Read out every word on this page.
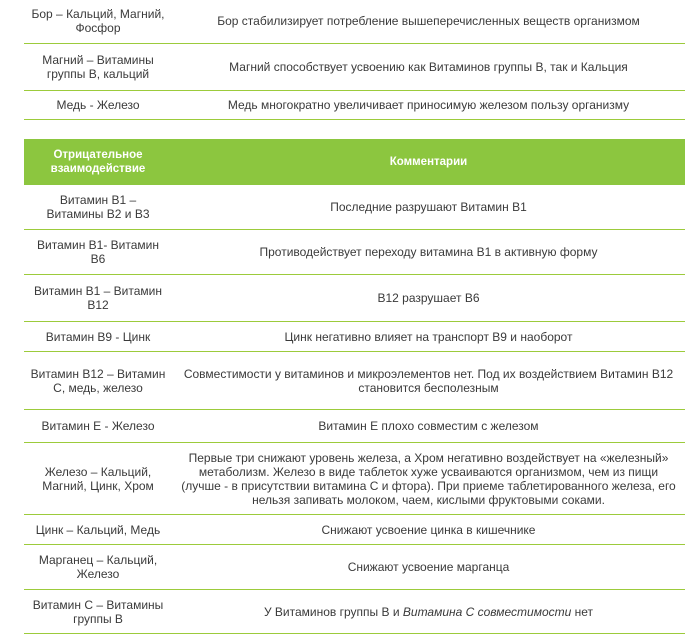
Бор – Кальций, Магний, Фосфор	Бор стабилизирует потребление вышеперечисленных веществ организмом
Магний – Витамины группы В, кальций	Магний способствует усвоению как Витаминов группы В, так и Кальция
Медь - Железо	Медь многократно увеличивает приносимую железом пользу организму
Отрицательное взаимодействие	Комментарии
Витамин В1 – Витамины В2 и В3	Последние разрушают Витамин В1
Витамин В1- Витамин В6	Противодействует переходу витамина В1 в активную форму
Витамин В1 – Витамин В12	В12 разрушает В6
Витамин В9 - Цинк	Цинк негативно влияет на транспорт В9 и наоборот
Витамин В12 – Витамин С, медь, железо	Совместимости у витаминов и микроэлементов нет. Под их воздействием Витамин В12 становится бесполезным
Витамин Е - Железо	Витамин Е плохо совместим с железом
Железо – Кальций, Магний, Цинк, Хром	Первые три снижают уровень железа, а Хром негативно воздействует на «железный» метаболизм. Железо в виде таблеток хуже усваиваются организмом, чем из пищи (лучше - в присутствии витамина С и фтора). При приеме таблетированного железа, его нельзя запивать молоком, чаем, кислыми фруктовыми соками.
Цинк – Кальций, Медь	Снижают усвоение цинка в кишечнике
Марганец – Кальций, Железо	Снижают усвоение марганца
Витамин С – Витамины группы В	У Витаминов группы В и Витамина С совместимости нет
